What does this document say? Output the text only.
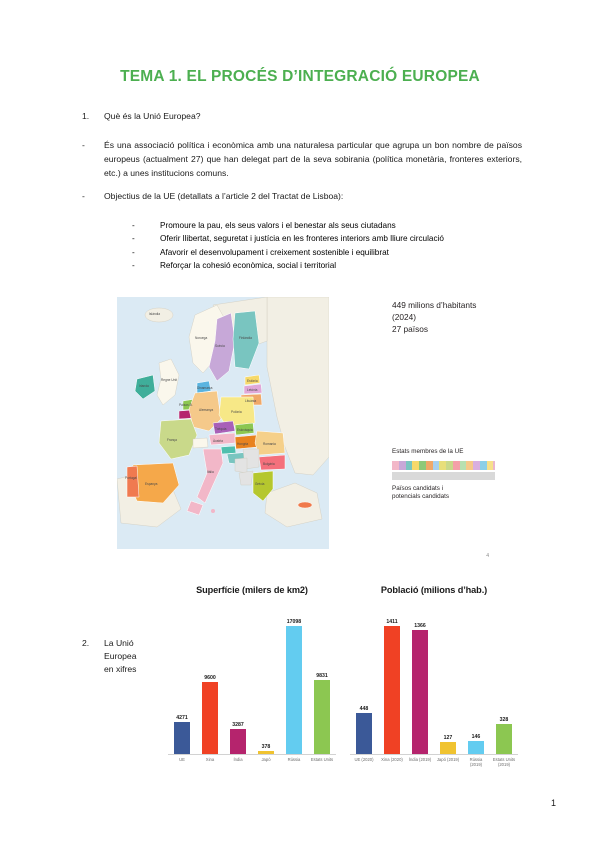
TEMA 1. EL PROCÉS D’INTEGRACIÓ EUROPEA
1. Què és la Unió Europea?
- És una associació política i econòmica amb una naturalesa particular que agrupa un bon nombre de països europeus (actualment 27) que han delegat part de la seva sobirania (política monetària, fronteres exteriors, etc.) a unes institucions comuns.
- Objectius de la UE (detallats a l’article 2 del Tractat de Lisboa):
-	Promoure la pau, els seus valors i el benestar als seus ciutadans
-	Oferir llibertat, seguretat i justícia en les fronteres interiors amb lliure circulació
-	Afavorir el desenvolupament i creixement sostenible i equilibrat
-	Reforçar la cohesió econòmica, social i territorial
Islàndia
Noruega
Suècia
Finlàndia
Estònia
Letònia
Lituània
Irlanda
Regne Unit
Dinamarca
Països B.
Alemanya	Polònia
Txèquia	Eslovàquia
Àustria
Hongria	Romania
Bulgària
França
Itàlia
Espanya
Portugal
Grècia
449 milions d’habitants (2024)
27 països
Estats membres de la UE
Països candidats i
potencials candidats
4
2. La Unió
Europea
en xifres
Superfície (milers de km2)
4271
9600
3287
378
17098
9831
UE	Xina	Índia	Japó	Rússia	Estats Units
Població (milions d’hab.)
448
1411
1366
127	146
328
UE (2020)	Xina (2020)	Índia (2019) Japó (2019)	Rússia (2019)
Estats Units (2019)
1
